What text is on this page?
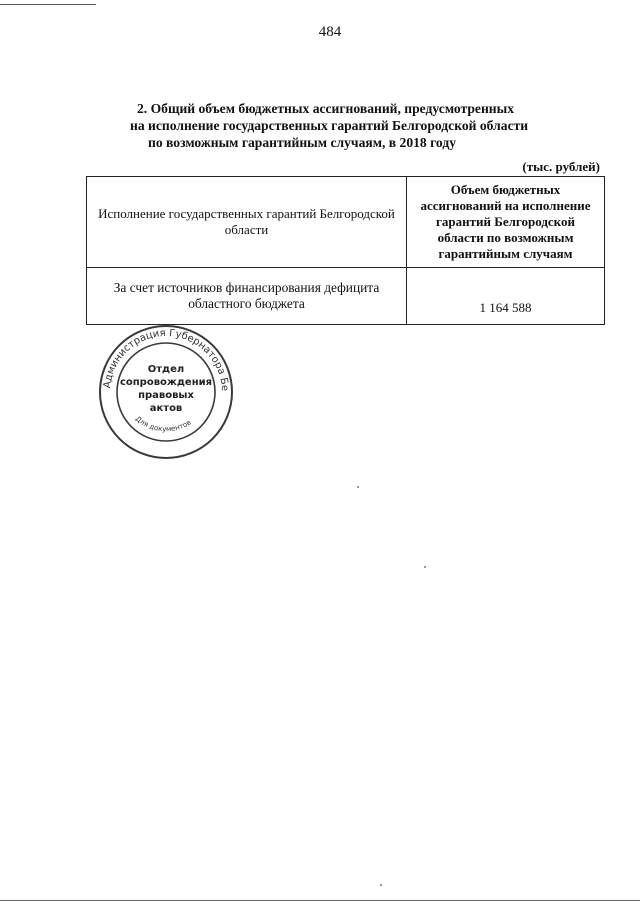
484
2. Общий объем бюджетных ассигнований, предусмотренных
на исполнение государственных гарантий Белгородской области
по возможным гарантийным случаям, в 2018 году
(тыс. рублей)
Исполнение государственных гарантий Белгородской области	Объем бюджетных ассигнований на исполнение гарантий Белгородской области по возможным гарантийным случаям
За счет источников финансирования дефицита областного бюджета	1 164 588
Администрация Губернатора Бе
Для документов
Отдел
сопровождения
правовых
актов
